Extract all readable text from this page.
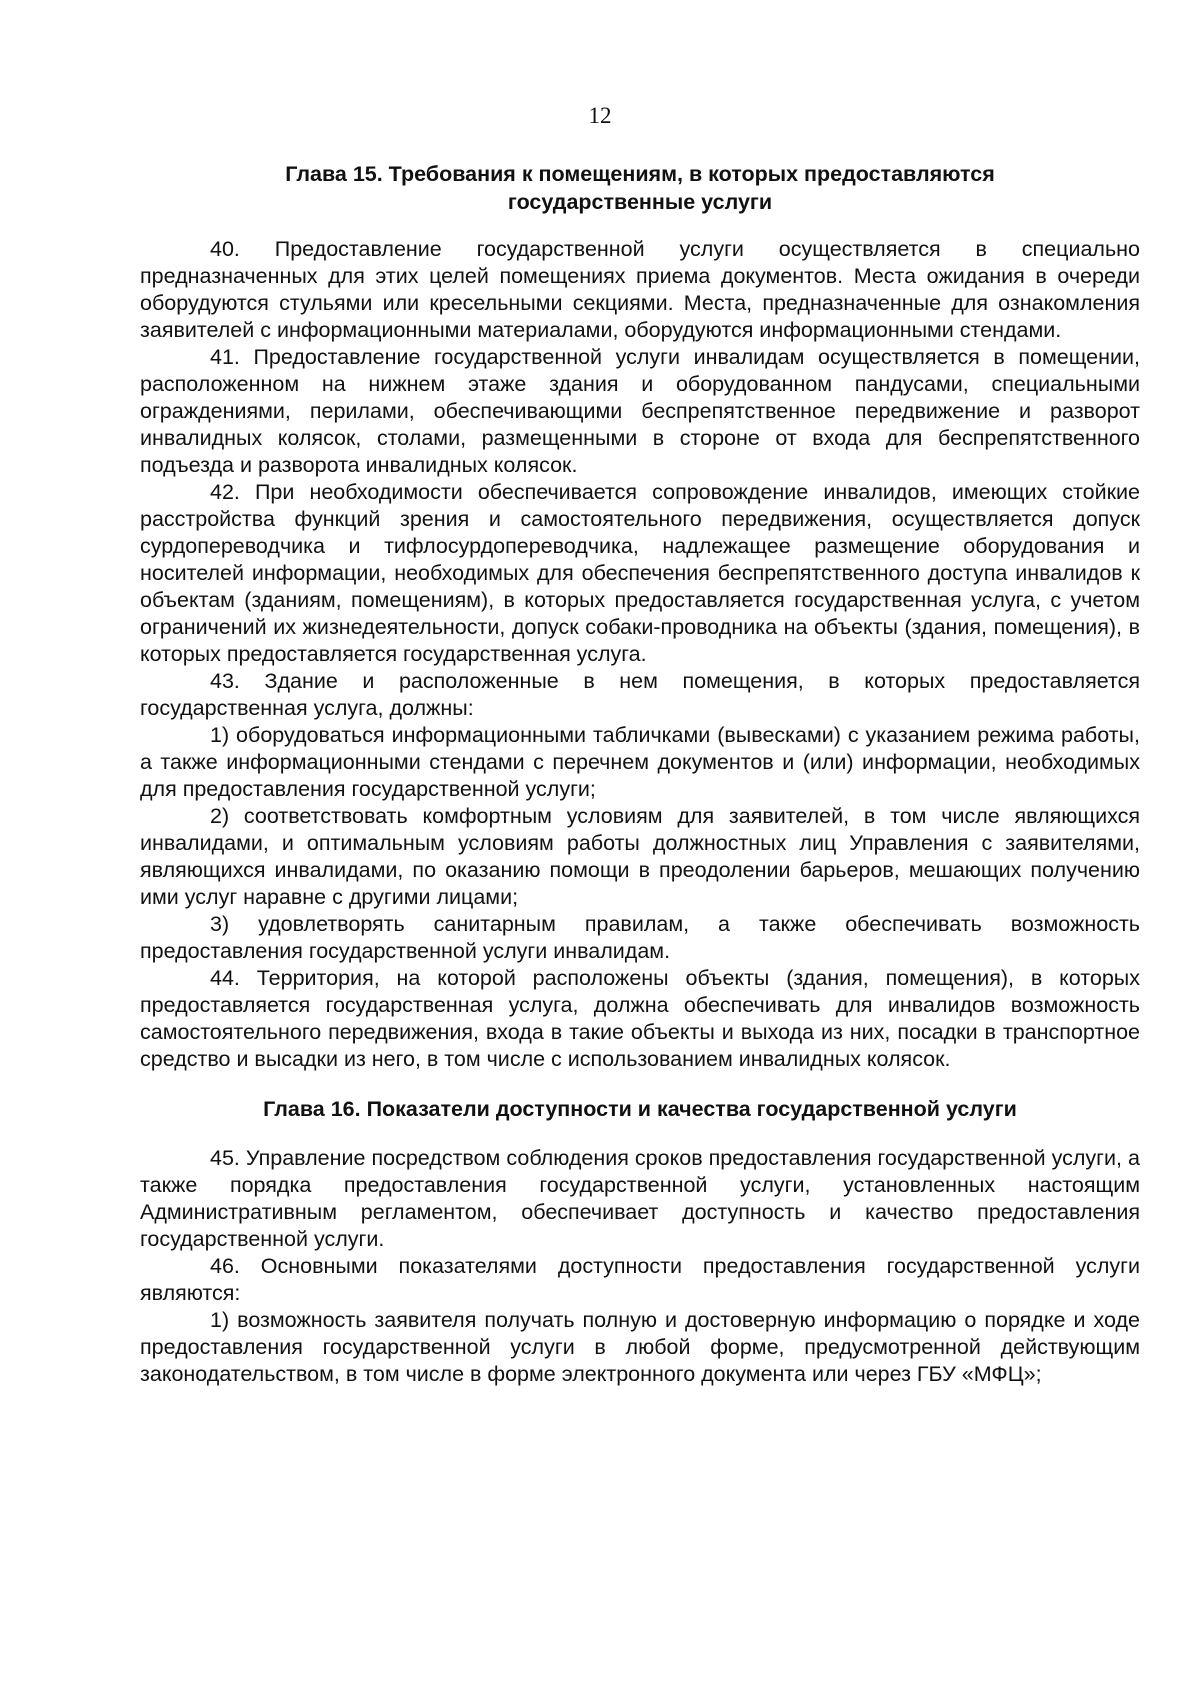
12
Глава 15. Требования к помещениям, в которых предоставляются государственные услуги

40. Предоставление государственной услуги осуществляется в специально предназначенных для этих целей помещениях приема документов. Места ожидания в очереди оборудуются стульями или кресельными секциями. Места, предназначенные для ознакомления заявителей с информационными материалами, оборудуются информационными стендами.

41. Предоставление государственной услуги инвалидам осуществляется в помещении, расположенном на нижнем этаже здания и оборудованном пандусами, специальными ограждениями, перилами, обеспечивающими беспрепятственное передвижение и разворот инвалидных колясок, столами, размещенными в стороне от входа для беспрепятственного подъезда и разворота инвалидных колясок.

42. При необходимости обеспечивается сопровождение инвалидов, имеющих стойкие расстройства функций зрения и самостоятельного передвижения, осуществляется допуск сурдопереводчика и тифлосурдопереводчика, надлежащее размещение оборудования и носителей информации, необходимых для обеспечения беспрепятственного доступа инвалидов к объектам (зданиям, помещениям), в которых предоставляется государственная услуга, с учетом ограничений их жизнедеятельности, допуск собаки-проводника на объекты (здания, помещения), в которых предоставляется государственная услуга.

43. Здание и расположенные в нем помещения, в которых предоставляется государственная услуга, должны:

1) оборудоваться информационными табличками (вывесками) с указанием режима работы, а также информационными стендами с перечнем документов и (или) информации, необходимых для предоставления государственной услуги;

2) соответствовать комфортным условиям для заявителей, в том числе являющихся инвалидами, и оптимальным условиям работы должностных лиц Управления с заявителями, являющихся инвалидами, по оказанию помощи в преодолении барьеров, мешающих получению ими услуг наравне с другими лицами;

3) удовлетворять санитарным правилам, а также обеспечивать возможность предоставления государственной услуги инвалидам.

44. Территория, на которой расположены объекты (здания, помещения), в которых предоставляется государственная услуга, должна обеспечивать для инвалидов возможность самостоятельного передвижения, входа в такие объекты и выхода из них, посадки в транспортное средство и высадки из него, в том числе с использованием инвалидных колясок.

Глава 16. Показатели доступности и качества государственной услуги

45. Управление посредством соблюдения сроков предоставления государственной услуги, а также порядка предоставления государственной услуги, установленных настоящим Административным регламентом, обеспечивает доступность и качество предоставления государственной услуги.

46. Основными показателями доступности предоставления государственной услуги являются:

1) возможность заявителя получать полную и достоверную информацию о порядке и ходе предоставления государственной услуги в любой форме, предусмотренной действующим законодательством, в том числе в форме электронного документа или через ГБУ «МФЦ»;
